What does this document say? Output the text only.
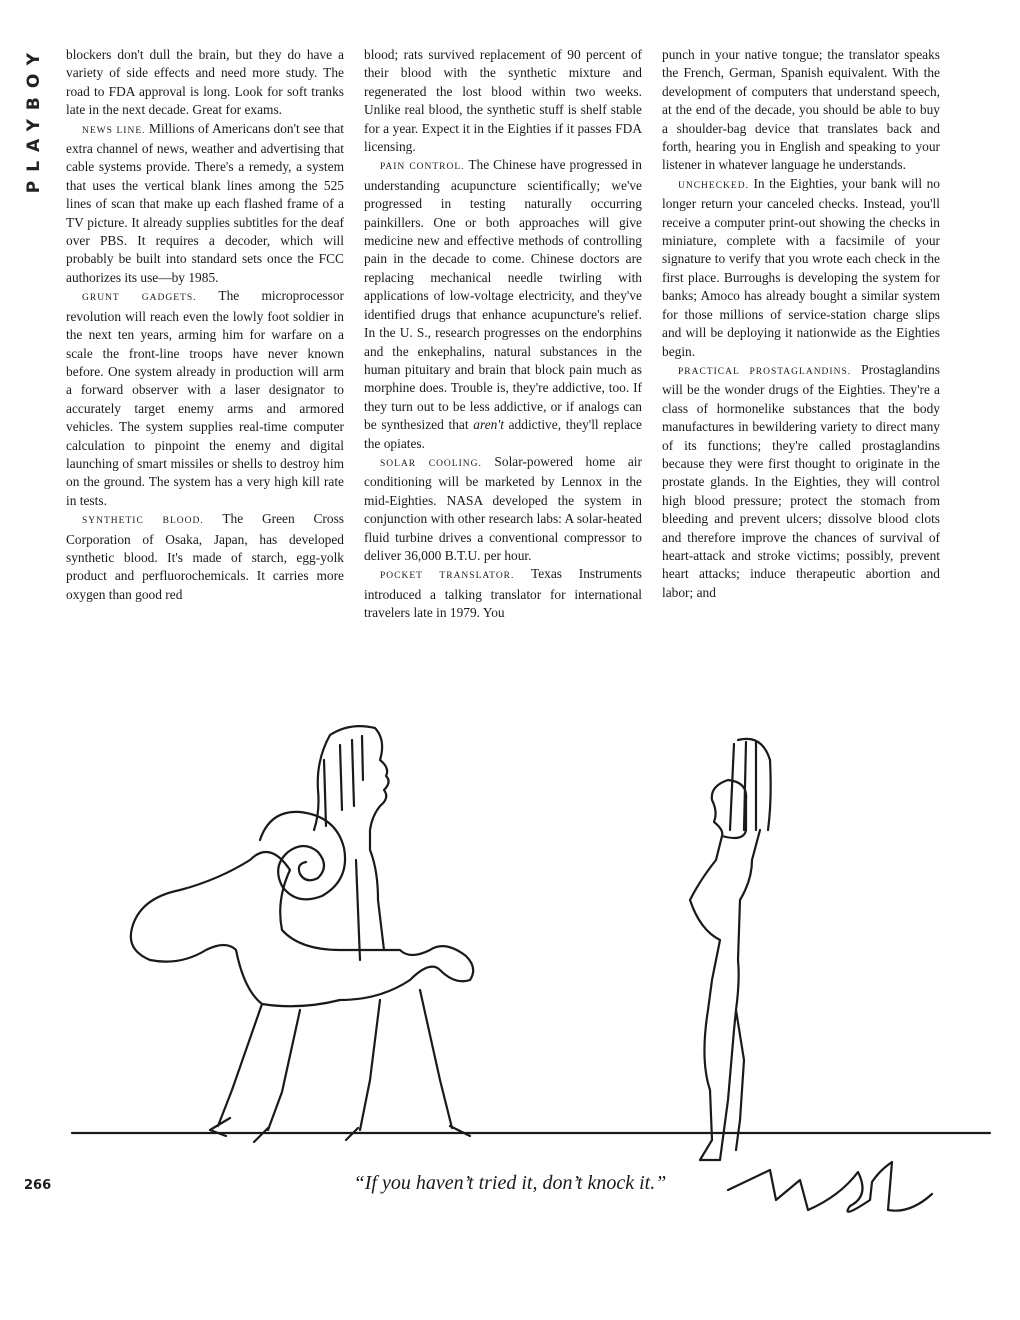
PLAYBOY blockers don't dull the brain, but they do have a variety of side effects and need more study. The road to FDA approval is long. Look for soft tranks late in the next decade. Great for exams.

NEWS LINE. Millions of Americans don't see that extra channel of news, weather and advertising that cable systems provide. There's a remedy, a system that uses the vertical blank lines among the 525 lines of scan that make up each flashed frame of a TV picture. It already supplies subtitles for the deaf over PBS. It requires a decoder, which will probably be built into standard sets once the FCC authorizes its use—by 1985.

GRUNT GADGETS. The microprocessor revolution will reach even the lowly foot soldier in the next ten years, arming him for warfare on a scale the front-line troops have never known before. One system already in production will arm a forward observer with a laser designator to accurately target enemy arms and armored vehicles. The system supplies real-time computer calculation to pinpoint the enemy and digital launching of smart missiles or shells to destroy him on the ground. The system has a very high kill rate in tests.

SYNTHETIC BLOOD. The Green Cross Corporation of Osaka, Japan, has developed synthetic blood. It's made of starch, egg-yolk product and perfluorochemicals. It carries more oxygen than good red

blood; rats survived replacement of 90 percent of their blood with the synthetic mixture and regenerated the lost blood within two weeks. Unlike real blood, the synthetic stuff is shelf stable for a year. Expect it in the Eighties if it passes FDA licensing.

PAIN CONTROL. The Chinese have progressed in understanding acupuncture scientifically; we've progressed in testing naturally occurring painkillers. One or both approaches will give medicine new and effective methods of controlling pain in the decade to come. Chinese doctors are replacing mechanical needle twirling with applications of low-voltage electricity, and they've identified drugs that enhance acupuncture's relief. In the U. S., research progresses on the endorphins and the enkephalins, natural substances in the human pituitary and brain that block pain much as morphine does. Trouble is, they're addictive, too. If they turn out to be less addictive, or if analogs can be synthesized that aren't addictive, they'll replace the opiates.

SOLAR COOLING. Solar-powered home air conditioning will be marketed by Lennox in the mid-Eighties. NASA developed the system in conjunction with other research labs: A solar-heated fluid turbine drives a conventional compressor to deliver 36,000 B.T.U. per hour.

POCKET TRANSLATOR. Texas Instruments introduced a talking translator for international travelers late in 1979. You

punch in your native tongue; the translator speaks the French, German, Spanish equivalent. With the development of computers that understand speech, at the end of the decade, you should be able to buy a shoulder-bag device that translates back and forth, hearing you in English and speaking to your listener in whatever language he understands.

UNCHECKED. In the Eighties, your bank will no longer return your canceled checks. Instead, you'll receive a computer print-out showing the checks in miniature, complete with a facsimile of your signature to verify that you wrote each check in the first place. Burroughs is developing the system for banks; Amoco has already bought a similar system for those millions of service-station charge slips and will be deploying it nationwide as the Eighties begin.

PRACTICAL PROSTAGLANDINS. Prostaglandins will be the wonder drugs of the Eighties. They're a class of hormonelike substances that the body manufactures in bewildering variety to direct many of its functions; they're called prostaglandins because they were first thought to originate in the prostate glands. In the Eighties, they will control high blood pressure; protect the stomach from bleeding and prevent ulcers; dissolve blood clots and therefore improve the chances of survival of heart-attack and stroke victims; possibly, prevent heart attacks; induce therapeutic abortion and labor; and

“If you haven’t tried it, don’t knock it.”
266
